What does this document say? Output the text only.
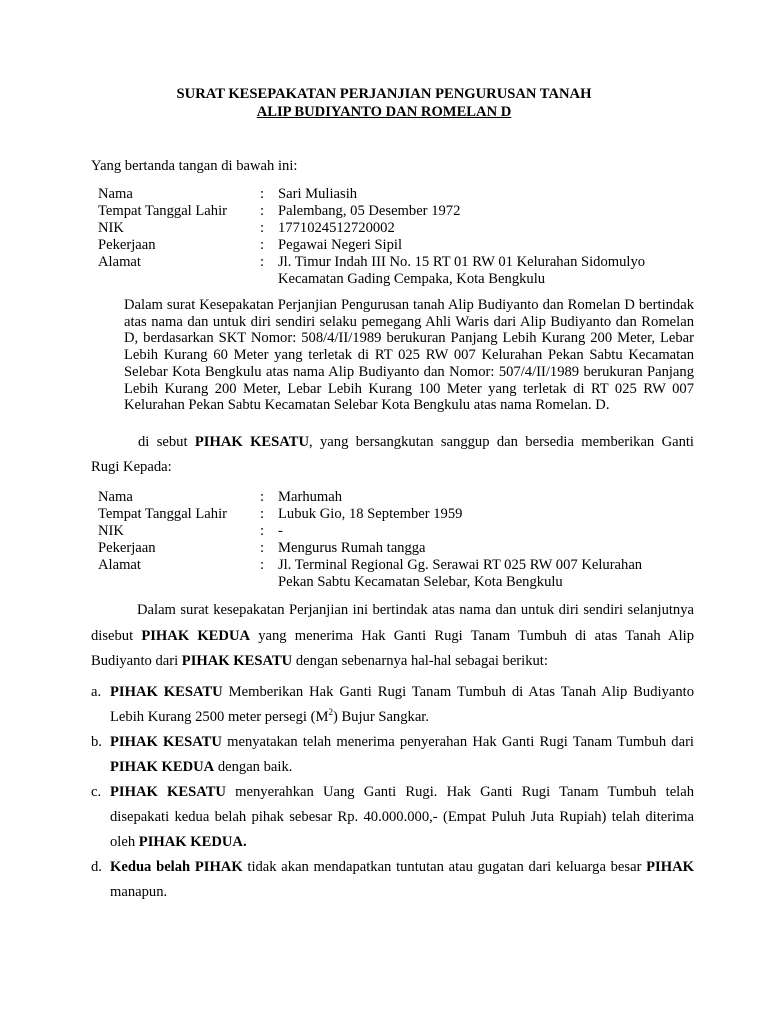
SURAT KESEPAKATAN PERJANJIAN PENGURUSAN TANAH
ALIP BUDIYANTO DAN ROMELAN D
Yang bertanda tangan di bawah ini:
Nama	: Sari Muliasih
Tempat Tanggal Lahir	: Palembang, 05 Desember 1972
NIK	: 1771024512720002
Pekerjaan	: Pegawai Negeri Sipil
Alamat	: Jl. Timur Indah III No. 15 RT 01 RW 01 Kelurahan Sidomulyo
Kecamatan Gading Cempaka, Kota Bengkulu

Dalam surat Kesepakatan Perjanjian Pengurusan tanah Alip Budiyanto dan Romelan D bertindak atas nama dan untuk diri sendiri selaku pemegang Ahli Waris dari Alip Budiyanto dan Romelan D, berdasarkan SKT Nomor: 508/4/II/1989 berukuran Panjang Lebih Kurang 200 Meter, Lebar Lebih Kurang 60 Meter yang terletak di RT 025 RW 007 Kelurahan Pekan Sabtu Kecamatan Selebar Kota Bengkulu atas nama Alip Budiyanto dan Nomor: 507/4/II/1989 berukuran Panjang Lebih Kurang 200 Meter, Lebar Lebih Kurang 100 Meter yang terletak di RT 025 RW 007 Kelurahan Pekan Sabtu Kecamatan Selebar Kota Bengkulu atas nama Romelan. D.

di sebut PIHAK KESATU, yang bersangkutan sanggup dan bersedia memberikan Ganti
Rugi Kepada:
Nama	: Marhumah
Tempat Tanggal Lahir	: Lubuk Gio, 18 September 1959
NIK	: -
Pekerjaan	: Mengurus Rumah tangga
Alamat	: Jl. Terminal Regional Gg. Serawai RT 025 RW 007 Kelurahan
Pekan Sabtu Kecamatan Selebar, Kota Bengkulu
Dalam surat kesepakatan Perjanjian ini bertindak atas nama dan untuk diri sendiri selanjutnya disebut PIHAK KEDUA yang menerima Hak Ganti Rugi Tanam Tumbuh di atas Tanah Alip Budiyanto dari PIHAK KESATU dengan sebenarnya hal-hal sebagai berikut:
a. PIHAK KESATU Memberikan Hak Ganti Rugi Tanam Tumbuh di Atas Tanah Alip Budiyanto Lebih Kurang 2500 meter persegi $(M^2)$ Bujur Sangkar.
b. PIHAK KESATU menyatakan telah menerima penyerahan Hak Ganti Rugi Tanam Tumbuh dari PIHAK KEDUA dengan baik.
c. PIHAK KESATU menyerahkan Uang Ganti Rugi. Hak Ganti Rugi Tanam Tumbuh telah disepakati kedua belah pihak sebesar Rp. 40.000.000,- (Empat Puluh Juta Rupiah) telah diterima oleh PIHAK KEDUA.
d. Kedua belah PIHAK tidak akan mendapatkan tuntutan atau gugatan dari keluarga besar PIHAK manapun.
